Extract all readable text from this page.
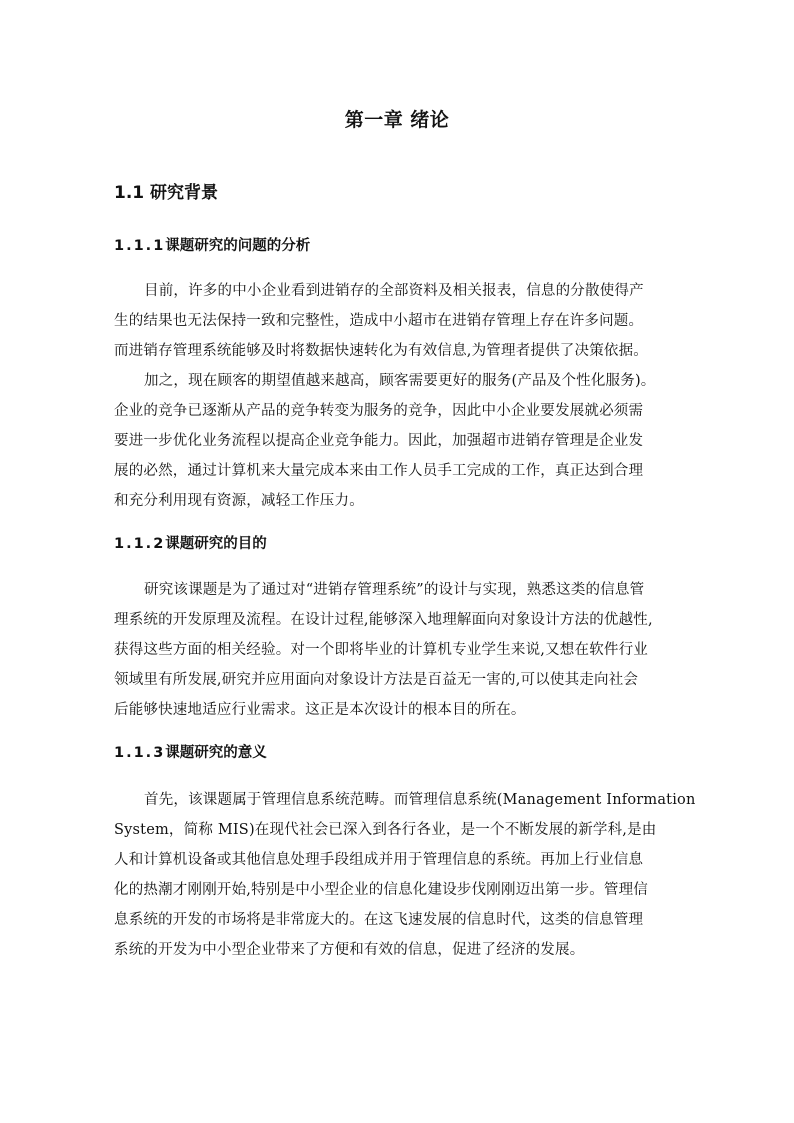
第一章 绪论
1.1 研究背景
1.1.1课题研究的问题的分析
目前，许多的中小企业看到进销存的全部资料及相关报表，信息的分散使得产
生的结果也无法保持一致和完整性，造成中小超市在进销存管理上存在许多问题。
而进销存管理系统能够及时将数据快速转化为有效信息,为管理者提供了决策依据。
加之，现在顾客的期望值越来越高，顾客需要更好的服务(产品及个性化服务)。
企业的竞争已逐渐从产品的竞争转变为服务的竞争，因此中小企业要发展就必须需
要进一步优化业务流程以提高企业竞争能力。因此，加强超市进销存管理是企业发
展的必然，通过计算机来大量完成本来由工作人员手工完成的工作，真正达到合理
和充分利用现有资源，减轻工作压力。
1.1.2课题研究的目的
研究该课题是为了通过对“进销存管理系统”的设计与实现，熟悉这类的信息管
理系统的开发原理及流程。在设计过程,能够深入地理解面向对象设计方法的优越性,
获得这些方面的相关经验。对一个即将毕业的计算机专业学生来说,又想在软件行业
领域里有所发展,研究并应用面向对象设计方法是百益无一害的,可以使其走向社会
后能够快速地适应行业需求。这正是本次设计的根本目的所在。
1.1.3课题研究的意义
首先，该课题属于管理信息系统范畴。而管理信息系统(Management Information
System，简称 MIS)在现代社会已深入到各行各业，是一个不断发展的新学科,是由
人和计算机设备或其他信息处理手段组成并用于管理信息的系统。再加上行业信息
化的热潮才刚刚开始,特别是中小型企业的信息化建设步伐刚刚迈出第一步。管理信
息系统的开发的市场将是非常庞大的。在这飞速发展的信息时代，这类的信息管理
系统的开发为中小型企业带来了方便和有效的信息，促进了经济的发展。
